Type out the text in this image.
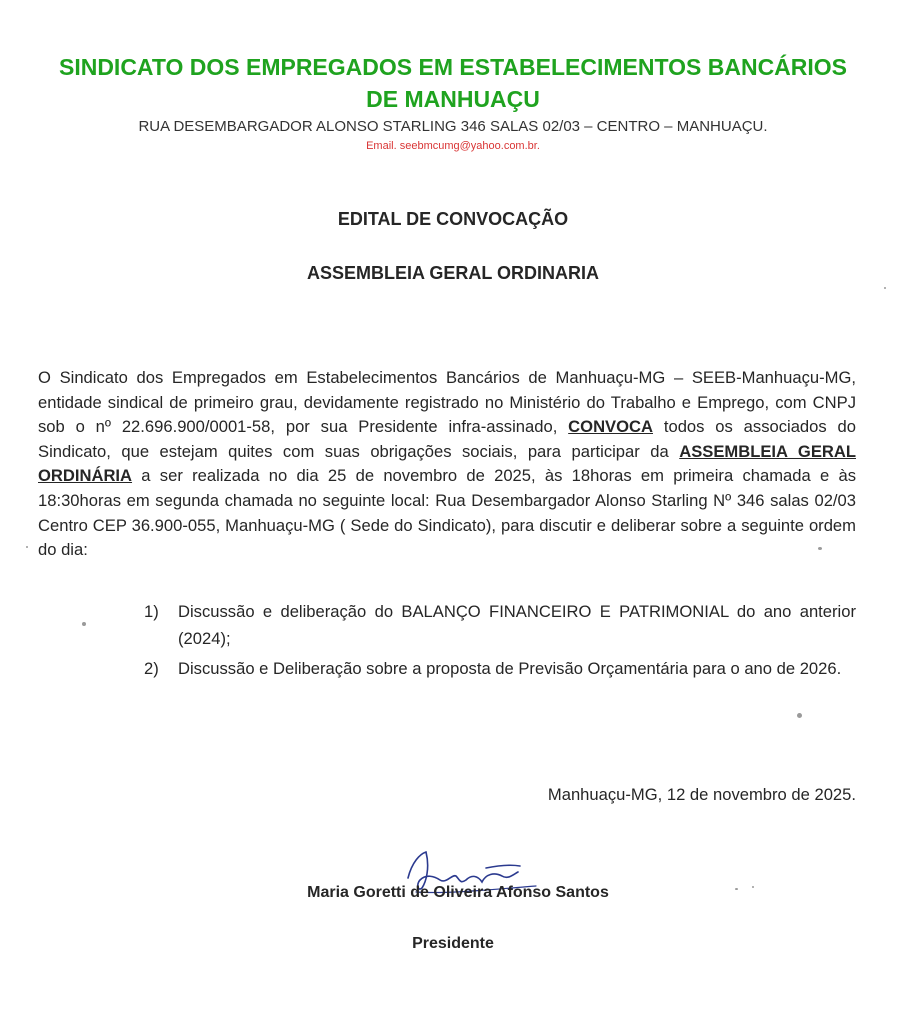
SINDICATO DOS EMPREGADOS EM ESTABELECIMENTOS BANCÁRIOS
DE MANHUAÇU

RUA DESEMBARGADOR ALONSO STARLING 346 SALAS 02/03 – CENTRO – MANHUAÇU.

Email. seebmcumg@yahoo.com.br.

EDITAL DE CONVOCAÇÃO
ASSEMBLEIA GERAL ORDINARIA

O Sindicato dos Empregados em Estabelecimentos Bancários de Manhuaçu-MG – SEEB-Manhuaçu-MG, entidade sindical de primeiro grau, devidamente registrado no Ministério do Trabalho e Emprego, com CNPJ sob o nº 22.696.900/0001-58, por sua Presidente infra-assinado, CONVOCA todos os associados do Sindicato, que estejam quites com suas obrigações sociais, para participar da ASSEMBLEIA GERAL ORDINÁRIA a ser realizada no dia 25 de novembro de 2025, às 18horas em primeira chamada e às 18:30horas em segunda chamada no seguinte local: Rua Desembargador Alonso Starling Nº 346 salas 02/03 Centro CEP 36.900-055, Manhuaçu-MG ( Sede do Sindicato), para discutir e deliberar sobre a seguinte ordem do dia:

1) Discussão e deliberação do BALANÇO FINANCEIRO E PATRIMONIAL do ano anterior (2024);
2) Discussão e Deliberação sobre a proposta de Previsão Orçamentária para o ano de 2026.

Manhuaçu-MG, 12 de novembro de 2025.

Maria Goretti de Oliveira Afonso Santos

Presidente
